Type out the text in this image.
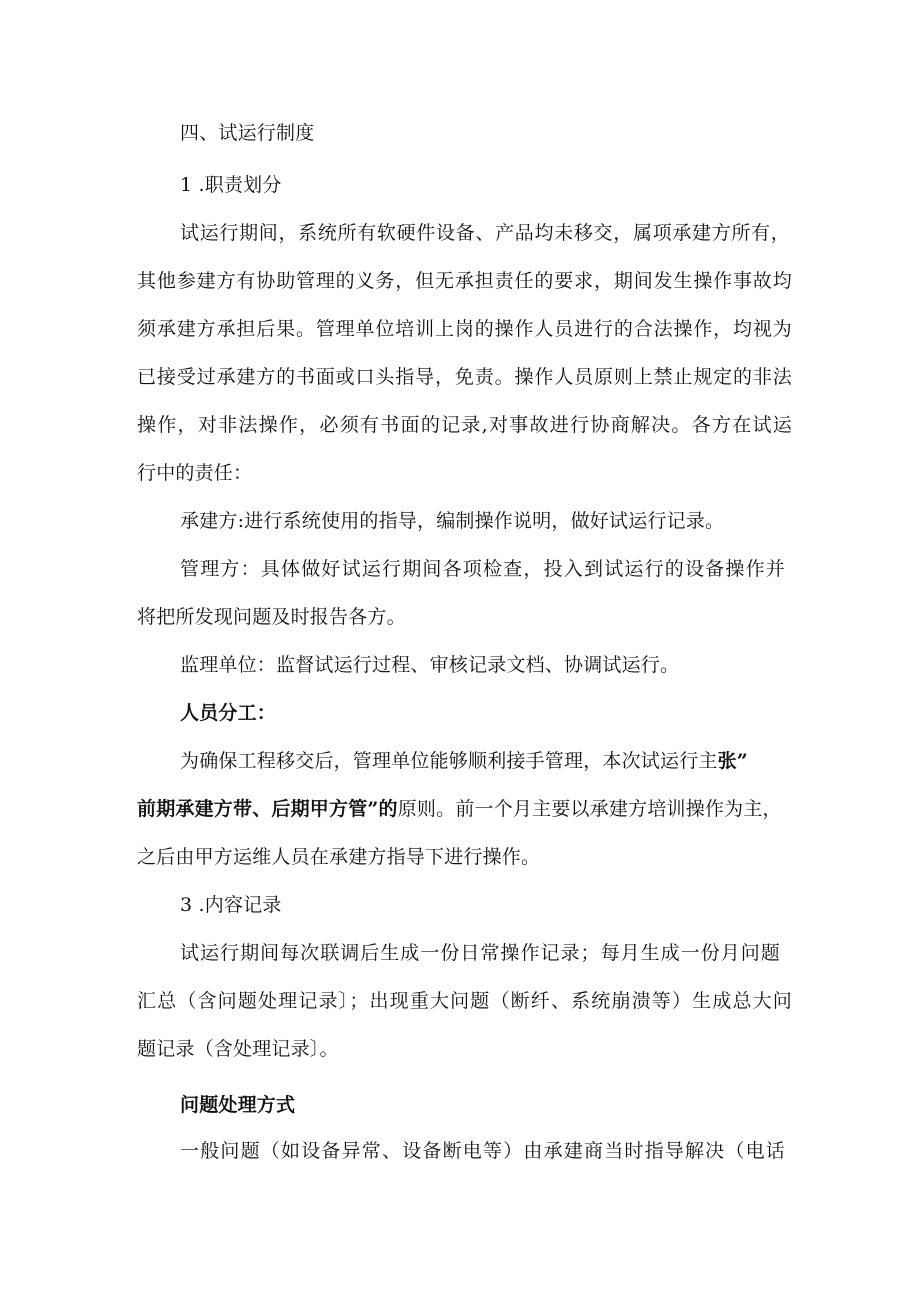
四、试运行制度
1 .职责划分
试运行期间，系统所有软硬件设备、产品均未移交，属项承建方所有，
其他参建方有协助管理的义务，但无承担责任的要求，期间发生操作事故均
须承建方承担后果。管理单位培训上岗的操作人员进行的合法操作，均视为
已接受过承建方的书面或口头指导，免责。操作人员原则上禁止规定的非法
操作，对非法操作，必须有书面的记录,对事故进行协商解决。各方在试运
行中的责任：
承建方:进行系统使用的指导，编制操作说明，做好试运行记录。
管理方：具体做好试运行期间各项检查，投入到试运行的设备操作并
将把所发现问题及时报告各方。
监理单位：监督试运行过程、审核记录文档、协调试运行。
人员分工：
为确保工程移交后，管理单位能够顺利接手管理，本次试运行主张”
前期承建方带、后期甲方管”的原则。前一个月主要以承建方培训操作为主，
之后由甲方运维人员在承建方指导下进行操作。
3 .内容记录
试运行期间每次联调后生成一份日常操作记录；每月生成一份月问题
汇总（含问题处理记录〕；出现重大问题（断纤、系统崩溃等）生成总大问
题记录（含处理记录〕。
问题处理方式
一般问题（如设备异常、设备断电等）由承建商当时指导解决（电话
